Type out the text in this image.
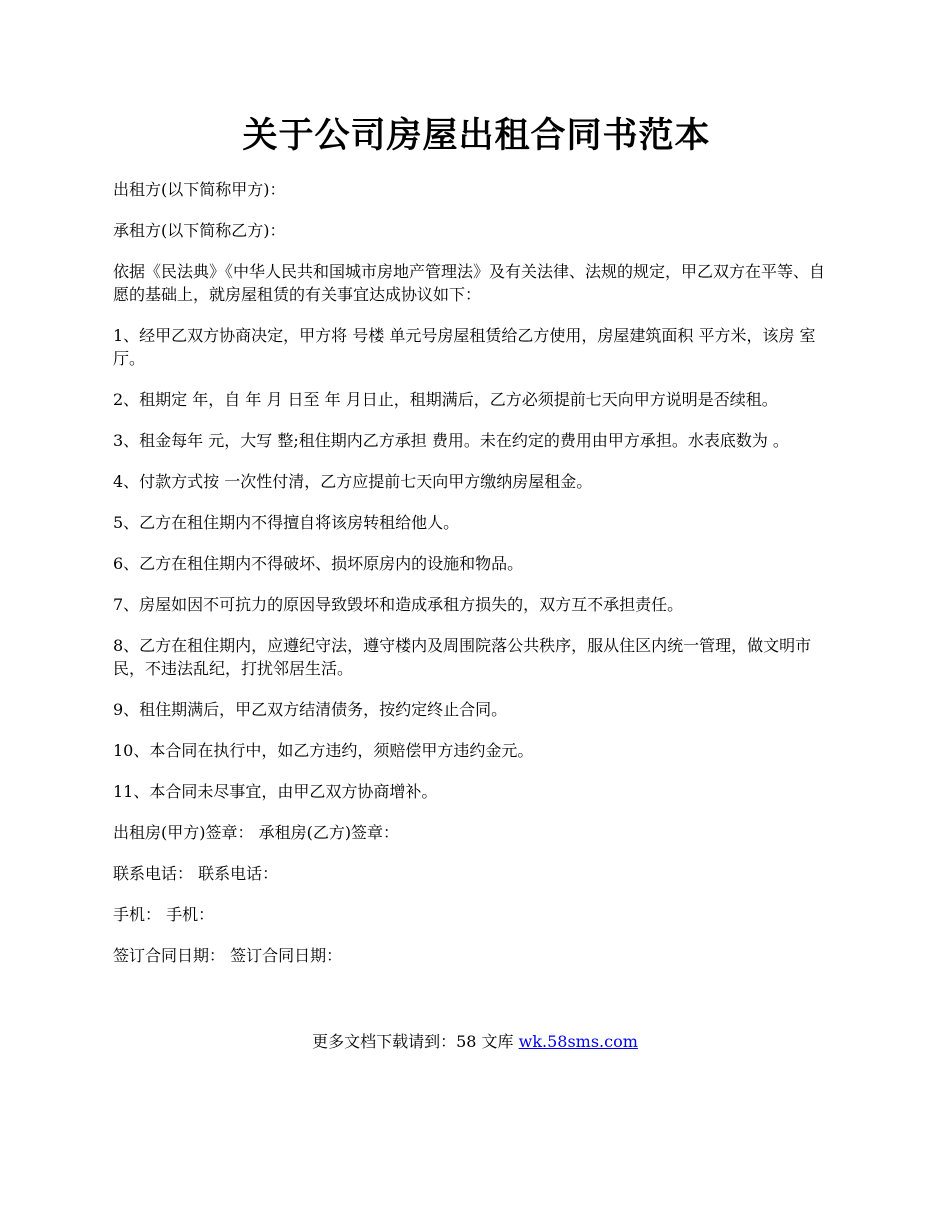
关于公司房屋出租合同书范本

出租方(以下简称甲方)：

承租方(以下简称乙方)：

依据《民法典》《中华人民共和国城市房地产管理法》及有关法律、法规的规定，甲乙双方在平等、自愿的基础上，就房屋租赁的有关事宜达成协议如下：

1、经甲乙双方协商决定，甲方将 号楼 单元号房屋租赁给乙方使用，房屋建筑面积 平方米，该房 室 厅。

2、租期定 年，自 年 月 日至 年 月日止，租期满后，乙方必须提前七天向甲方说明是否续租。

3、租金每年 元，大写 整;租住期内乙方承担 费用。未在约定的费用由甲方承担。水表底数为 。

4、付款方式按 一次性付清，乙方应提前七天向甲方缴纳房屋租金。

5、乙方在租住期内不得擅自将该房转租给他人。

6、乙方在租住期内不得破坏、损坏原房内的设施和物品。

7、房屋如因不可抗力的原因导致毁坏和造成承租方损失的，双方互不承担责任。

8、乙方在租住期内，应遵纪守法，遵守楼内及周围院落公共秩序，服从住区内统一管理，做文明市民，不违法乱纪，打扰邻居生活。

9、租住期满后，甲乙双方结清债务，按约定终止合同。

10、本合同在执行中，如乙方违约，须赔偿甲方违约金元。

11、本合同未尽事宜，由甲乙双方协商增补。

出租房(甲方)签章： 承租房(乙方)签章：

联系电话： 联系电话：

手机： 手机：

签订合同日期： 签订合同日期：

更多文档下载请到：58 文库 wk.58sms.com
